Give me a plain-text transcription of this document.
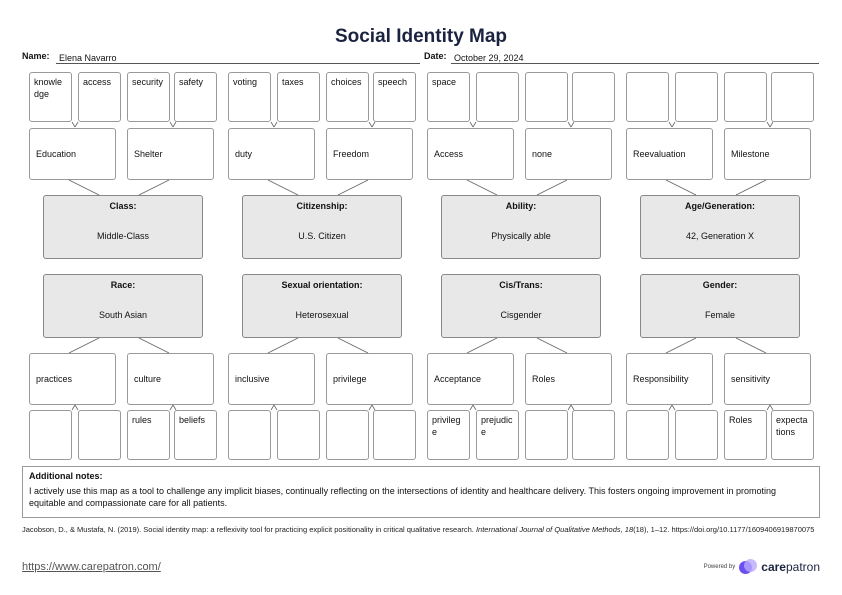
Social Identity Map
Name: Elena Navarro	Date: October 29, 2024
Class:
Middle-Class
Education
knowledge
access
Shelter
security safety
Race:
South Asian
practices	culture
rules	beliefs
Citizenship:
U.S. Citizen
duty
voting	taxes
Freedom
choices speech
Sexual orientation:
Heterosexual
inclusive	privilege
Ability:
Physically able
Access
space
none
Cis/Trans:
Cisgender
Acceptance
privilege
prejudice
Roles
Age/Generation:
42, Generation X
Reevaluation	Milestone
Gender:
Female
Responsibility	sensitivity
Roles	expectations
Additional notes:
I actively use this map as a tool to challenge any implicit biases, continually reflecting on the intersections of identity and healthcare delivery. This fosters ongoing improvement in promoting equitable and compassionate care for all patients.
Jacobson, D., & Mustafa, N. (2019). Social identity map: a reflexivity tool for practicing explicit positionality in critical qualitative research. International Journal of Qualitative Methods, 18(18), 1–12. https://doi.org/10.1177/1609406919870075
https://www.carepatron.com/	Powered by carepatron
